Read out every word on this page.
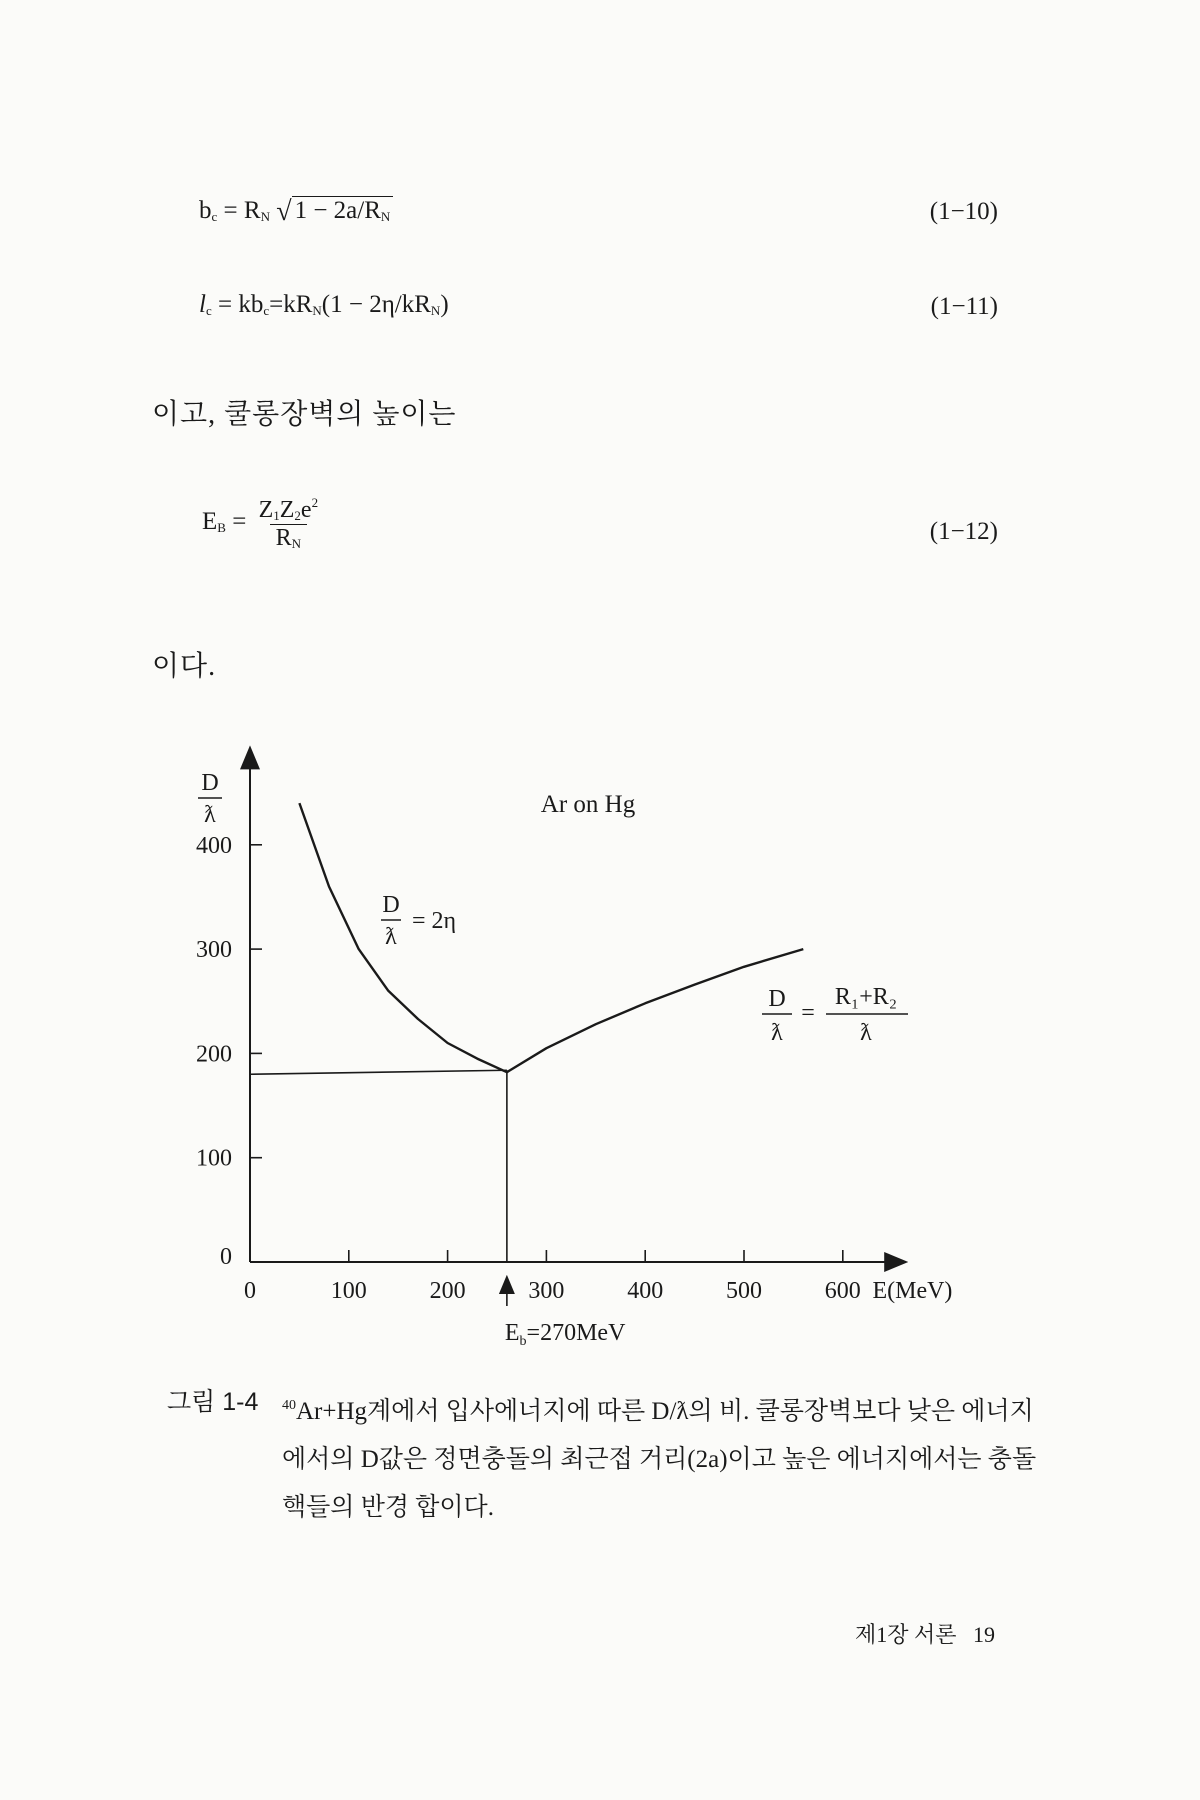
$b_c = R_N$ √ $1 - 2a/R_N$	(1−10)
$l_c = kb_c=kR_N(1 - 2\eta/kR_N)$	(1−11)
이고, 쿨롱장벽의 높이는
$E_B = \frac{Z_1Z_2e^2}{R_N}$	(1−12)
이다.
0	100	200	300	400	500	600
0
100
200
300
400
E(MeV)
D
ƛ	Ar on Hg
$E_b=270MeV$
D
ƛ
= 2η
D
ƛ
=
R₁+R₂
ƛ
그림 1-4 $^{40}$Ar+Hg계에서 입사에너지에 따른 D/ƛ의 비. 쿨롱장벽보다 낮은 에너지에서의 D값은 정면충돌의 최근접 거리(2a)이고 높은 에너지에서는 충돌 핵들의 반경 합이다.
제1장 서론 19
